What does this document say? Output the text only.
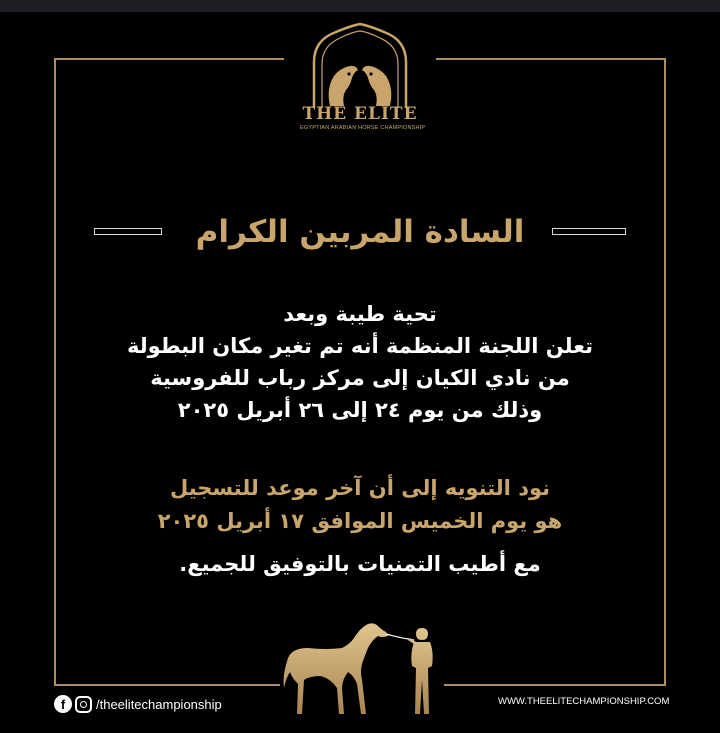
THE ELITE
EGYPTIAN ARABIAN HORSE CHAMPIONSHIP
السادة المربين الكرام
تحية طيبة وبعد
تعلن اللجنة المنظمة أنه تم تغير مكان البطولة
من نادي الكيان إلى مركز رباب للفروسية
وذلك من يوم ٢٤ إلى ٢٦ أبريل ٢٠٢٥
نود التنويه إلى أن آخر موعد للتسجيل
هو يوم الخميس الموافق ١٧ أبريل ٢٠٢٥
مع أطيب التمنيات بالتوفيق للجميع.
f	/theelitechampionship	WWW.THEELITECHAMPIONSHIP.COM
